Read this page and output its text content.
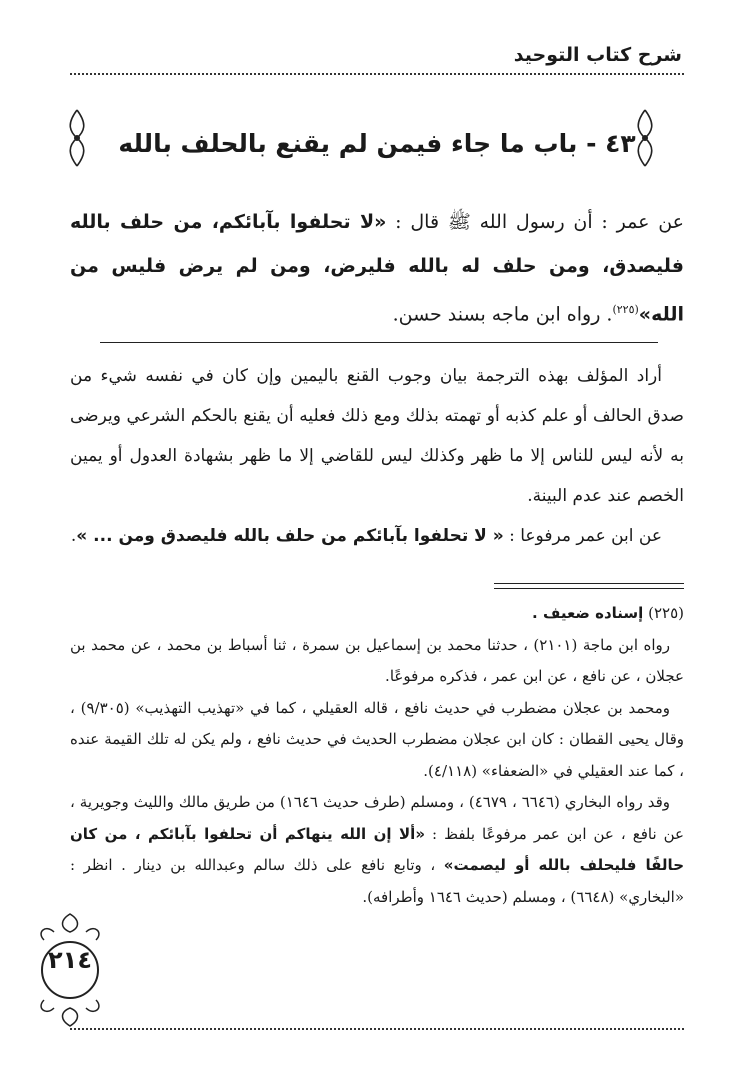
شرح كتاب التوحيد
٤٣ - باب ما جاء فيمن لم يقنع بالحلف بالله
عن عمر : أن رسول الله ﷺ قال : «لا تحلفوا بآبائكم، من حلف بالله فليصدق، ومن حلف له بالله فليرض، ومن لم يرض فليس من الله»$^{(٢٢٥)}$. رواه ابن ماجه بسند حسن.

أراد المؤلف بهذه الترجمة بيان وجوب القنع باليمين وإن كان في نفسه شيء من صدق الحالف أو علم كذبه أو تهمته بذلك ومع ذلك فعليه أن يقنع بالحكم الشرعي ويرضى به لأنه ليس للناس إلا ما ظهر وكذلك ليس للقاضي إلا ما ظهر بشهادة العدول أو يمين الخصم عند عدم البينة.

عن ابن عمر مرفوعا : « لا تحلفوا بآبائكم من حلف بالله فليصدق ومن ... ».

(٢٢٥) إسناده ضعيف .

رواه ابن ماجة (٢١٠١) ، حدثنا محمد بن إسماعيل بن سمرة ، ثنا أسباط بن محمد ، عن محمد بن عجلان ، عن نافع ، عن ابن عمر ، فذكره مرفوعًا.

ومحمد بن عجلان مضطرب في حديث نافع ، قاله العقيلي ، كما في «تهذيب التهذيب» (٩/٣٠٥) ، وقال يحيى القطان : كان ابن عجلان مضطرب الحديث في حديث نافع ، ولم يكن له تلك القيمة عنده ، كما عند العقيلي في «الضعفاء» (٤/١١٨).

وقد رواه البخاري (٦٦٤٦ ، ٤٦٧٩) ، ومسلم (طرف حديث ١٦٤٦) من طريق مالك والليث وجويرية ، عن نافع ، عن ابن عمر مرفوعًا بلفظ : «ألا إن الله ينهاكم أن تحلفوا بآبائكم ، من كان حالفًا فليحلف بالله أو ليصمت» ، وتابع نافع على ذلك سالم وعبدالله بن دينار . انظر : «البخاري» (٦٦٤٨) ، ومسلم (حديث ١٦٤٦ وأطرافه).

٢١٤
